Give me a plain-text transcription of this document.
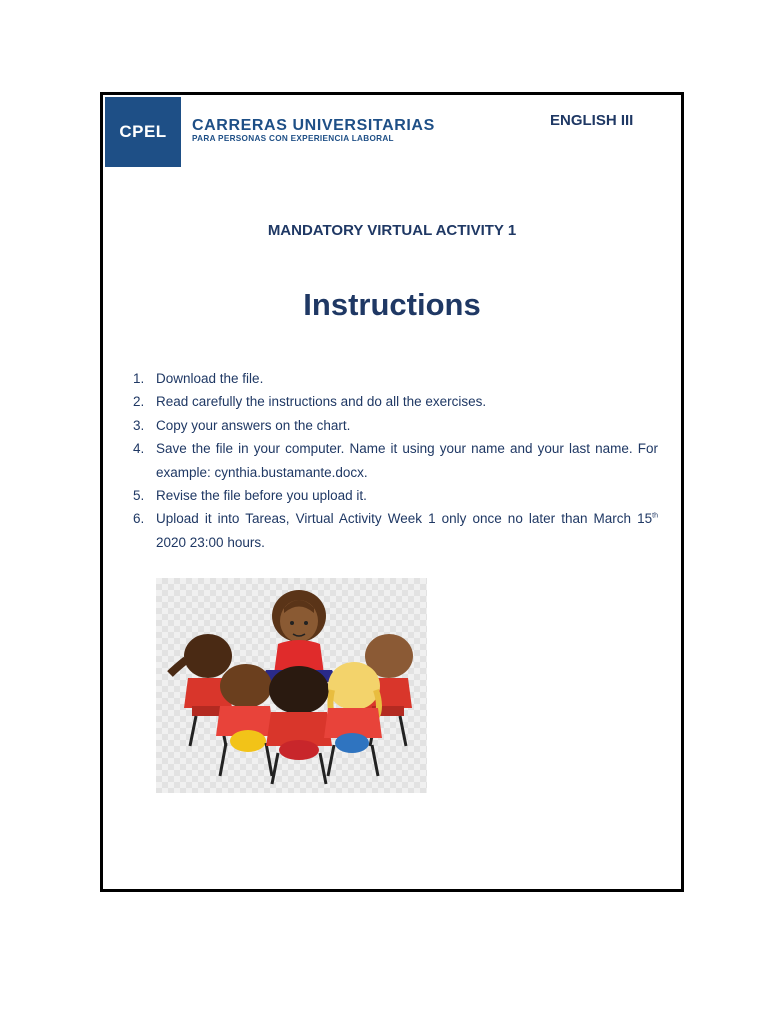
CPEL	CARRERAS UNIVERSITARIAS
PARA PERSONAS CON EXPERIENCIA LABORAL
ENGLISH III
MANDATORY VIRTUAL ACTIVITY 1
Instructions
1. Download the file.
2. Read carefully the instructions and do all the exercises.
3. Copy your answers on the chart.
4. Save the file in your computer. Name it using your name and your last name. For example: cynthia.bustamante.docx.
5. Revise the file before you upload it.
6. Upload it into Tareas, Virtual Activity Week 1 only once no later than March 15th 2020 23:00 hours.
